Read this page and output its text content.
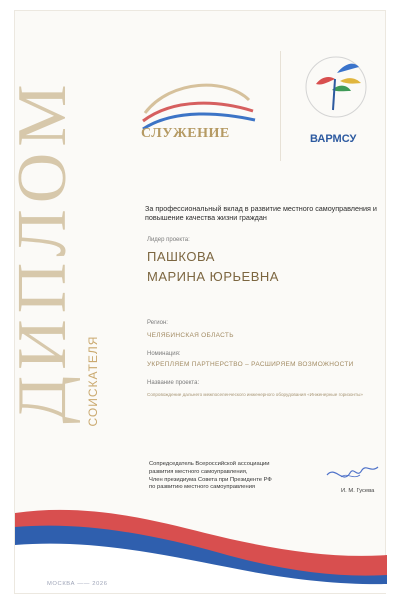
ДИПЛОМ СОИСКАТЕЛЯ
СЛУЖЕНИЕ	ВАРМСУ
За профессиональный вклад в развитие местного самоуправления и повышение качества жизни граждан
Лидер проекта:
ПАШКОВА
МАРИНА ЮРЬЕВНА
Регион:
ЧЕЛЯБИНСКАЯ ОБЛАСТЬ
Номинация:
УКРЕПЛЯЕМ ПАРТНЕРСТВО – РАСШИРЯЕМ ВОЗМОЖНОСТИ
Название проекта:
Сопровождение дальнего межпоселенческого инженерного оборудования «Инженерные горизонты»
Сопредседатель Всероссийской ассоциации
развития местного самоуправления,
Член президиума Совета при Президенте РФ
по развитию местного самоуправления
И. М. Гусева
МОСКВА —— 2026
